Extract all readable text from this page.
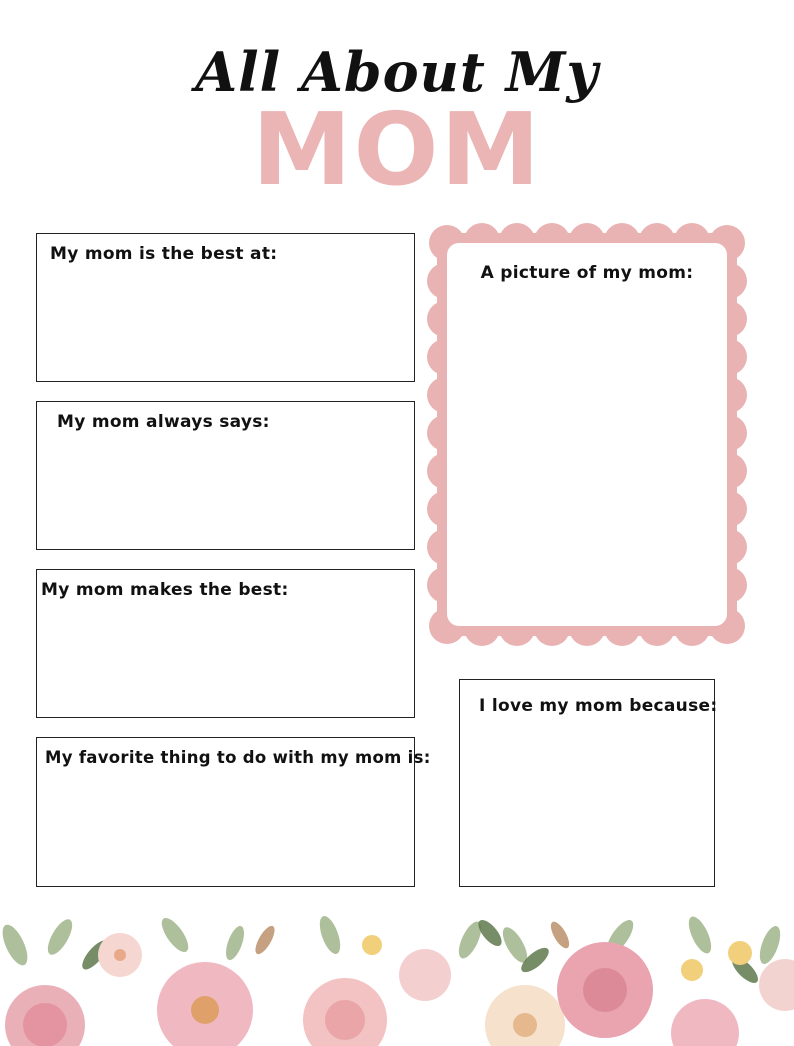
All About My
MOM
My mom is the best at:
My mom always says:
My mom makes the best:
My favorite thing to do with my mom is:
A picture of my mom:
I love my mom because:
